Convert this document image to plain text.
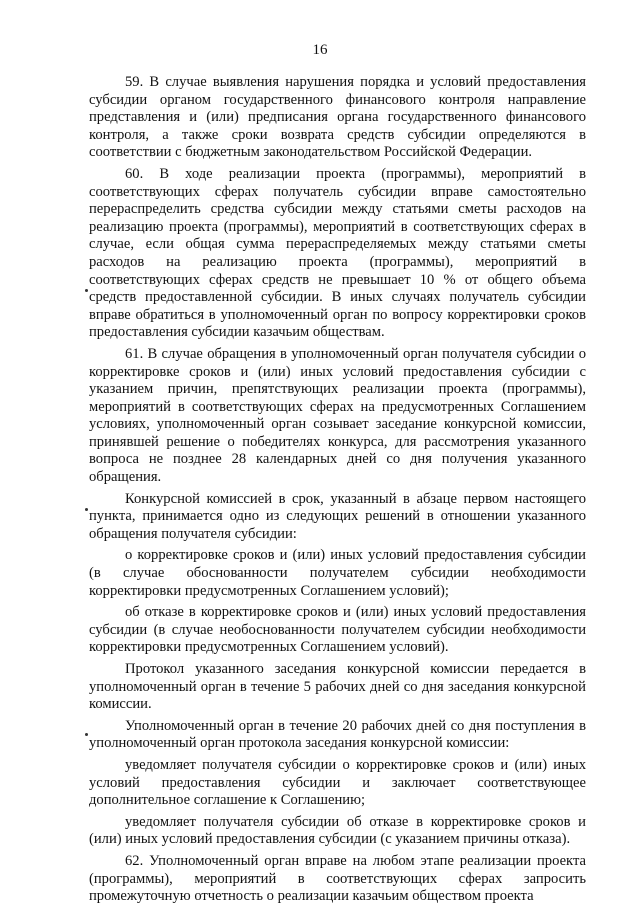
16

59. В случае выявления нарушения порядка и условий предоставления субсидии органом государственного финансового контроля направление представления и (или) предписания органа государственного финансового контроля, а также сроки возврата средств субсидии определяются в соответствии с бюджетным законодательством Российской Федерации.

60. В ходе реализации проекта (программы), мероприятий в соответствующих сферах получатель субсидии вправе самостоятельно перераспределить средства субсидии между статьями сметы расходов на реализацию проекта (программы), мероприятий в соответствующих сферах в случае, если общая сумма перераспределяемых между статьями сметы расходов на реализацию проекта (программы), мероприятий в соответствующих сферах средств не превышает 10 % от общего объема средств предоставленной субсидии. В иных случаях получатель субсидии вправе обратиться в уполномоченный орган по вопросу корректировки сроков предоставления субсидии казачьим обществам.

61. В случае обращения в уполномоченный орган получателя субсидии о корректировке сроков и (или) иных условий предоставления субсидии с указанием причин, препятствующих реализации проекта (программы), мероприятий в соответствующих сферах на предусмотренных Соглашением условиях, уполномоченный орган созывает заседание конкурсной комиссии, принявшей решение о победителях конкурса, для рассмотрения указанного вопроса не позднее 28 календарных дней со дня получения указанного обращения.

Конкурсной комиссией в срок, указанный в абзаце первом настоящего пункта, принимается одно из следующих решений в отношении указанного обращения получателя субсидии:

о корректировке сроков и (или) иных условий предоставления субсидии (в случае обоснованности получателем субсидии необходимости корректировки предусмотренных Соглашением условий);

об отказе в корректировке сроков и (или) иных условий предоставления субсидии (в случае необоснованности получателем субсидии необходимости корректировки предусмотренных Соглашением условий).

Протокол указанного заседания конкурсной комиссии передается в уполномоченный орган в течение 5 рабочих дней со дня заседания конкурсной комиссии.

Уполномоченный орган в течение 20 рабочих дней со дня поступления в уполномоченный орган протокола заседания конкурсной комиссии:

уведомляет получателя субсидии о корректировке сроков и (или) иных условий предоставления субсидии и заключает соответствующее дополнительное соглашение к Соглашению;

уведомляет получателя субсидии об отказе в корректировке сроков и (или) иных условий предоставления субсидии (с указанием причины отказа).

62. Уполномоченный орган вправе на любом этапе реализации проекта (программы), мероприятий в соответствующих сферах запросить промежуточную отчетность о реализации казачьим обществом проекта
